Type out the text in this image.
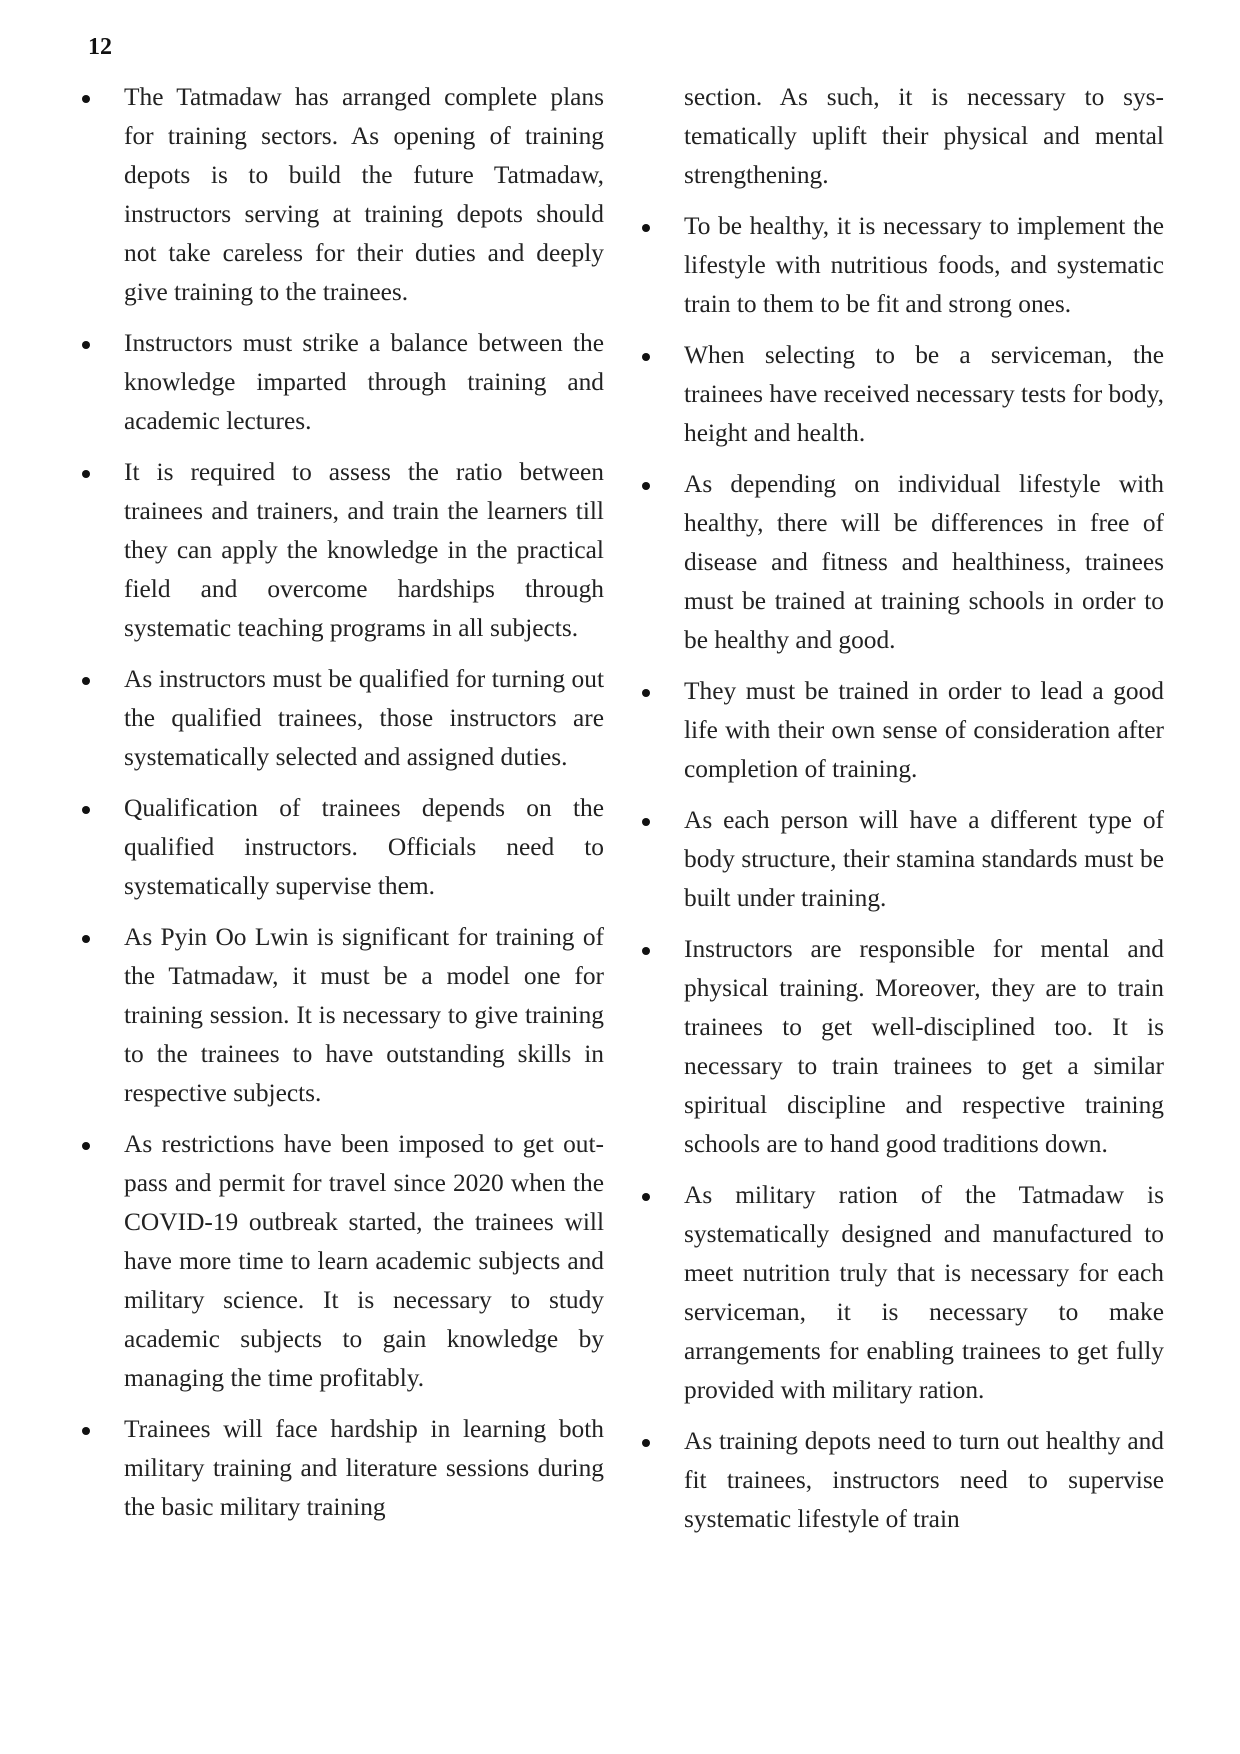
12
The Tatmadaw has arranged complete plans for training sectors. As opening of training depots is to build the future Tatmadaw, instructors serving at training depots should not take careless for their duties and deeply give training to the trainees.
Instructors must strike a balance between the knowledge imparted through training and academic lectures.
It is required to assess the ratio between trainees and trainers, and train the learners till they can apply the knowledge in the practical field and overcome hardships through systematic teaching programs in all subjects.
As instructors must be qualified for turning out the qualified trainees, those instructors are systematically selected and assigned duties.
Qualification of trainees depends on the qualified instructors. Officials need to systematically supervise them.
As Pyin Oo Lwin is significant for training of the Tatmadaw, it must be a model one for training session. It is necessary to give training to the trainees to have outstanding skills in respective subjects.
As restrictions have been imposed to get out-pass and permit for travel since 2020 when the COVID-19 outbreak started, the trainees will have more time to learn academic subjects and military science. It is necessary to study academic subjects to gain knowledge by managing the time profitably.
Trainees will face hardship in learning both military training and literature sessions during the basic military training
section. As such, it is necessary to systematically uplift their physical and mental strengthening.
To be healthy, it is necessary to implement the lifestyle with nutritious foods, and systematic train to them to be fit and strong ones.
When selecting to be a serviceman, the trainees have received necessary tests for body, height and health.
As depending on individual lifestyle with healthy, there will be differences in free of disease and fitness and healthiness, trainees must be trained at training schools in order to be healthy and good.
They must be trained in order to lead a good life with their own sense of consideration after completion of training.
As each person will have a different type of body structure, their stamina standards must be built under training.
Instructors are responsible for mental and physical training. Moreover, they are to train trainees to get well-disciplined too. It is necessary to train trainees to get a similar spiritual discipline and respective training schools are to hand good traditions down.
As military ration of the Tatmadaw is systematically designed and manufactured to meet nutrition truly that is necessary for each serviceman, it is necessary to make arrangements for enabling trainees to get fully provided with military ration.
As training depots need to turn out healthy and fit trainees, instructors need to supervise systematic lifestyle of train
